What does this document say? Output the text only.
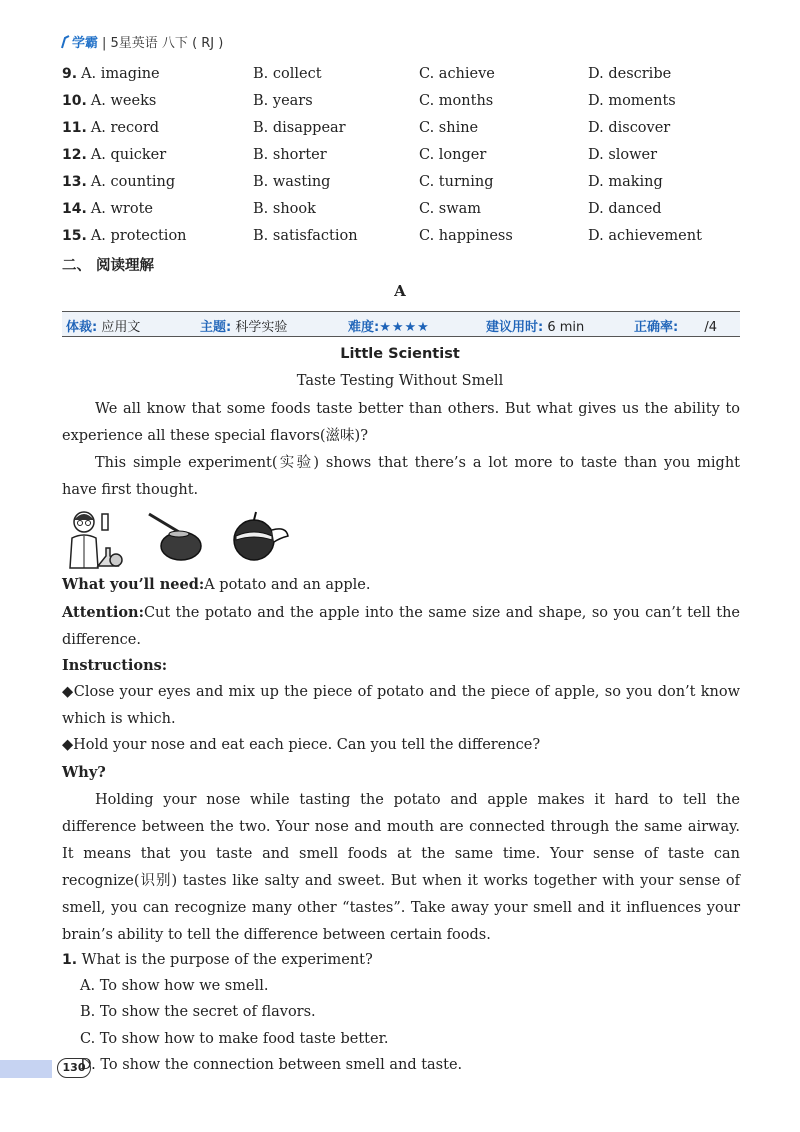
学霸 | 5星英语 八下 ( RJ )
9. A. imagine	B. collect	C. achieve	D. describe
10. A. weeks	B. years	C. months	D. moments
11. A. record	B. disappear	C. shine	D. discover
12. A. quicker	B. shorter	C. longer	D. slower
13. A. counting	B. wasting	C. turning	D. making
14. A. wrote	B. shook	C. swam	D. danced
15. A. protection	B. satisfaction	C. happiness	D. achievement
二、 阅读理解
A
体裁: 应用文	主题: 科学实验	难度:★★★★	建议用时: 6 min	正确率: /4
Little Scientist
Taste Testing Without Smell
We all know that some foods taste better than others. But what gives us the ability to experience all these special flavors(滋味)?
This simple experiment(实验) shows that there’s a lot more to taste than you might have first thought.
What you’ll need:A potato and an apple.
Attention:Cut the potato and the apple into the same size and shape, so you can’t tell the difference.
Instructions:
◆Close your eyes and mix up the piece of potato and the piece of apple, so you don’t know which is which.
◆Hold your nose and eat each piece. Can you tell the difference?
Why?
Holding your nose while tasting the potato and apple makes it hard to tell the difference between the two. Your nose and mouth are connected through the same airway. It means that you taste and smell foods at the same time. Your sense of taste can recognize(识别) tastes like salty and sweet. But when it works together with your sense of smell, you can recognize many other “tastes”. Take away your smell and it influences your brain’s ability to tell the difference between certain foods.
1. What is the purpose of the experiment?
A. To show how we smell.
B. To show the secret of flavors.
C. To show how to make food taste better.
D. To show the connection between smell and taste.
130
